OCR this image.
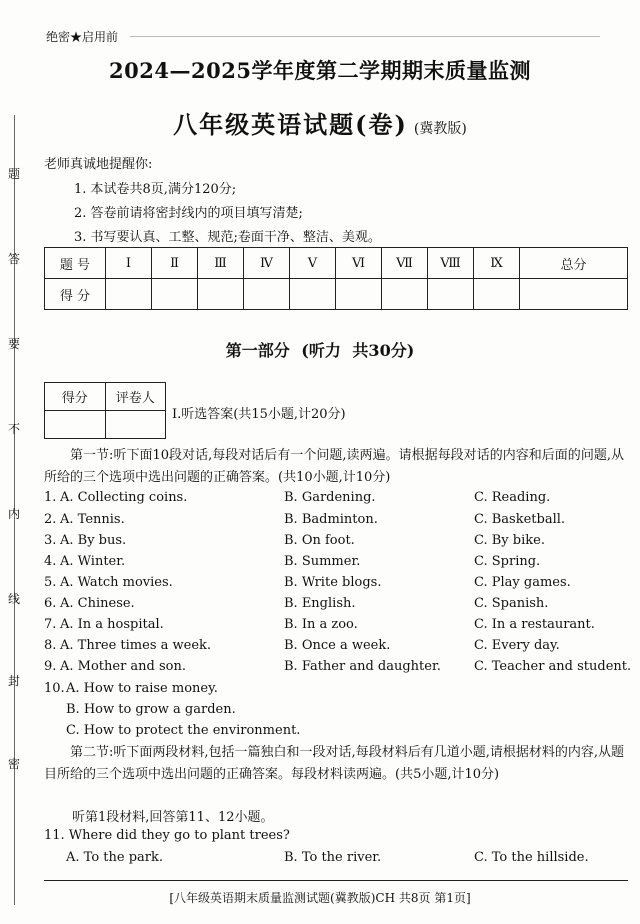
题
答
要
不
内
线
封
密
绝密★启用前
2024—2025学年度第二学期期末质量监测
八年级英语试题(卷) (冀教版)
老师真诚地提醒你:
1. 本试卷共8页,满分120分;
2. 答卷前请将密封线内的项目填写清楚;
3. 书写要认真、工整、规范;卷面干净、整洁、美观。
题 号	I	Ⅱ	Ⅲ	Ⅳ	Ⅴ	Ⅵ	Ⅶ	Ⅷ	Ⅸ	总分
得 分										
第一部分 (听力 共30分)
得分	评卷人

I.听选答案(共15小题,计20分)
第一节:听下面10段对话,每段对话后有一个问题,读两遍。请根据每段对话的内容和后面的问题,从所给的三个选项中选出问题的正确答案。(共10小题,计10分)
1. A. Collecting coins.	B. Gardening.	C. Reading.
2. A. Tennis.	B. Badminton.	C. Basketball.
3. A. By bus.	B. On foot.	C. By bike.
4. A. Winter.	B. Summer.	C. Spring.
5. A. Watch movies.	B. Write blogs.	C. Play games.
6. A. Chinese.	B. English.	C. Spanish.
7. A. In a hospital.	B. In a zoo.	C. In a restaurant.
8. A. Three times a week.	B. Once a week.	C. Every day.
9. A. Mother and son.	B. Father and daughter.	C. Teacher and student.
10. A. How to raise money.
B. How to grow a garden.
C. How to protect the environment.
第二节:听下面两段材料,包括一篇独白和一段对话,每段材料后有几道小题,请根据材料的内容,从题目所给的三个选项中选出问题的正确答案。每段材料读两遍。(共5小题,计10分)
听第1段材料,回答第11、12小题。
11. Where did they go to plant trees?
A. To the park.	B. To the river.	C. To the hillside.
[八年级英语期末质量监测试题(冀教版)CH 共8页 第1页]
